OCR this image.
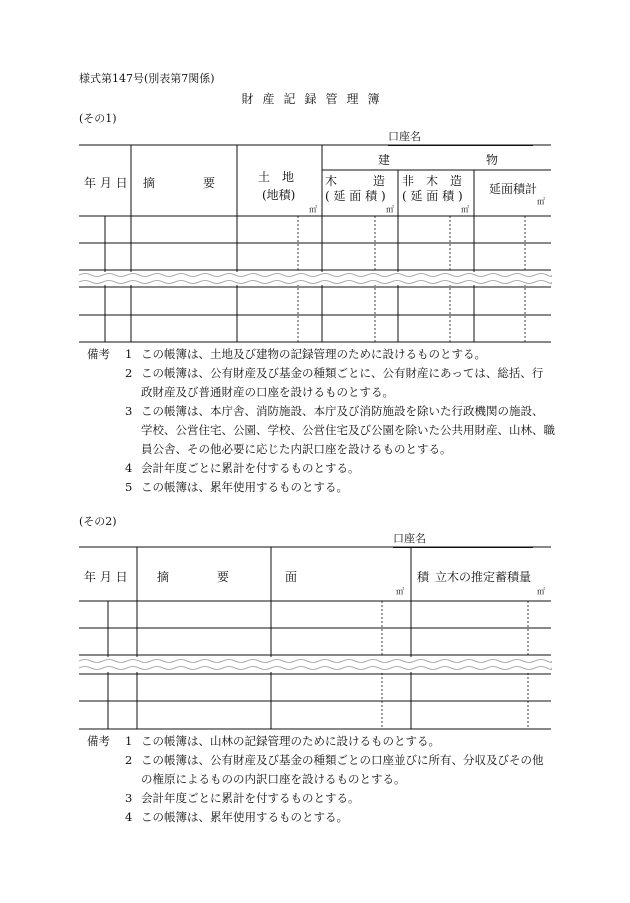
様式第147号(別表第7関係)
財産記録管理簿
(その1)
口座名
年 月 日 摘　　　　要	土　地
(地積)
㎡
建　　　　　　　　物
木　　　造
( 延 面 積 )
㎡
非　木　造
( 延 面 積 )
㎡
延面積計
㎡
備考 1 この帳簿は、土地及び建物の記録管理のために設けるものとする。
2 この帳簿は、公有財産及び基金の種類ごとに、公有財産にあっては、総括、行
政財産及び普通財産の口座を設けるものとする。
3 この帳簿は、本庁舎、消防施設、本庁及び消防施設を除いた行政機関の施設、
学校、公営住宅、公園、学校、公営住宅及び公園を除いた公共用財産、山林、職
員公舎、その他必要に応じた内訳口座を設けるものとする。
4 会計年度ごとに累計を付するものとする。
5 この帳簿は、累年使用するものとする。
(その2)
口座名
年 月 日 摘　　　　要	面　　　　　　　　　　積
㎡
立木の推定蓄積量
㎡
備考 1 この帳簿は、山林の記録管理のために設けるものとする。
2 この帳簿は、公有財産及び基金の種類ごとの口座並びに所有、分収及びその他
の権原によるものの内訳口座を設けるものとする。
3 会計年度ごとに累計を付するものとする。
4 この帳簿は、累年使用するものとする。
